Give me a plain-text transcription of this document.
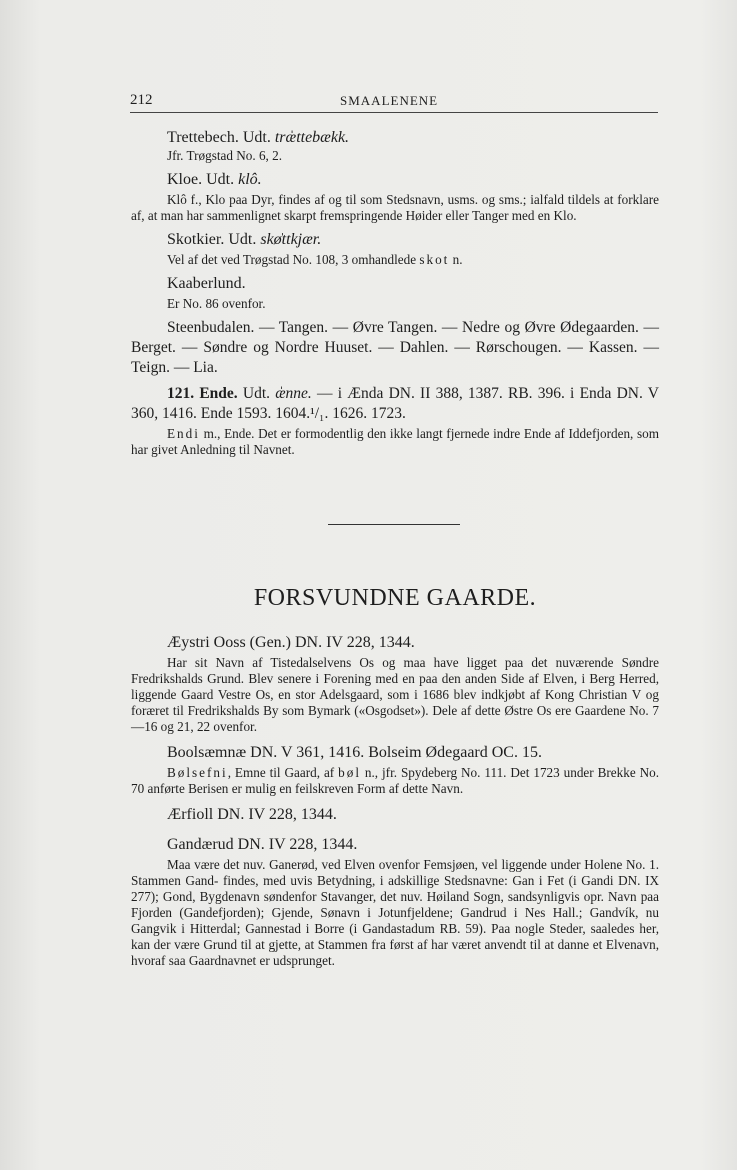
212	SMAALENENE
Trettebech. Udt. træ̍ttebækk.
Jfr. Trøgstad No. 6, 2.
Kloe. Udt. klô.
Klô f., Klo paa Dyr, findes af og til som Stedsnavn, usms. og sms.; ialfald tildels at forklare af, at man har sammenlignet skarpt fremspringende Høider eller Tanger med en Klo.
Skotkier. Udt. skø̍ttkjær.
Vel af det ved Trøgstad No. 108, 3 omhandlede skot n.
Kaaberlund.
Er No. 86 ovenfor.
Steenbudalen. — Tangen. — Øvre Tangen. — Nedre og Øvre Ødegaarden. — Berget. — Søndre og Nordre Huuset. — Dahlen. — Rørschougen. — Kassen. — Teign. — Lia.
121. Ende. Udt. æ̍nne. — i Ænda DN. II 388, 1387. RB. 396. i Enda DN. V 360, 1416. Ende 1593. 1604.¹/₁. 1626. 1723.
Endi m., Ende. Det er formodentlig den ikke langt fjernede indre Ende af Iddefjorden, som har givet Anledning til Navnet.
FORSVUNDNE GAARDE.
Æystri Ooss (Gen.) DN. IV 228, 1344.
Har sit Navn af Tistedalselvens Os og maa have ligget paa det nuværende Søndre Fredrikshalds Grund. Blev senere i Forening med en paa den anden Side af Elven, i Berg Herred, liggende Gaard Vestre Os, en stor Adelsgaard, som i 1686 blev indkjøbt af Kong Christian V og foræret til Fredrikshalds By som Bymark («Osgodset»). Dele af dette Østre Os ere Gaardene No. 7—16 og 21, 22 ovenfor.
Boolsæmnæ DN. V 361, 1416. Bolseim Ødegaard OC. 15.
Bølsefni, Emne til Gaard, af bøl n., jfr. Spydeberg No. 111. Det 1723 under Brekke No. 70 anførte Berisen er mulig en feilskreven Form af dette Navn.
Ærfioll DN. IV 228, 1344.
Gandærud DN. IV 228, 1344.
Maa være det nuv. Ganerød, ved Elven ovenfor Femsjøen, vel liggende under Holene No. 1. Stammen Gand- findes, med uvis Betydning, i adskillige Stedsnavne: Gan i Fet (i Gandi DN. IX 277); Gond, Bygdenavn søndenfor Stavanger, det nuv. Høiland Sogn, sandsynligvis opr. Navn paa Fjorden (Gandefjorden); Gjende, Sønavn i Jotunfjeldene; Gandrud i Nes Hall.; Gandvík, nu Gangvik i Hitterdal; Gannestad i Borre (i Gandastadum RB. 59). Paa nogle Steder, saaledes her, kan der være Grund til at gjette, at Stammen fra først af har været anvendt til at danne et Elvenavn, hvoraf saa Gaardnavnet er udsprunget.
